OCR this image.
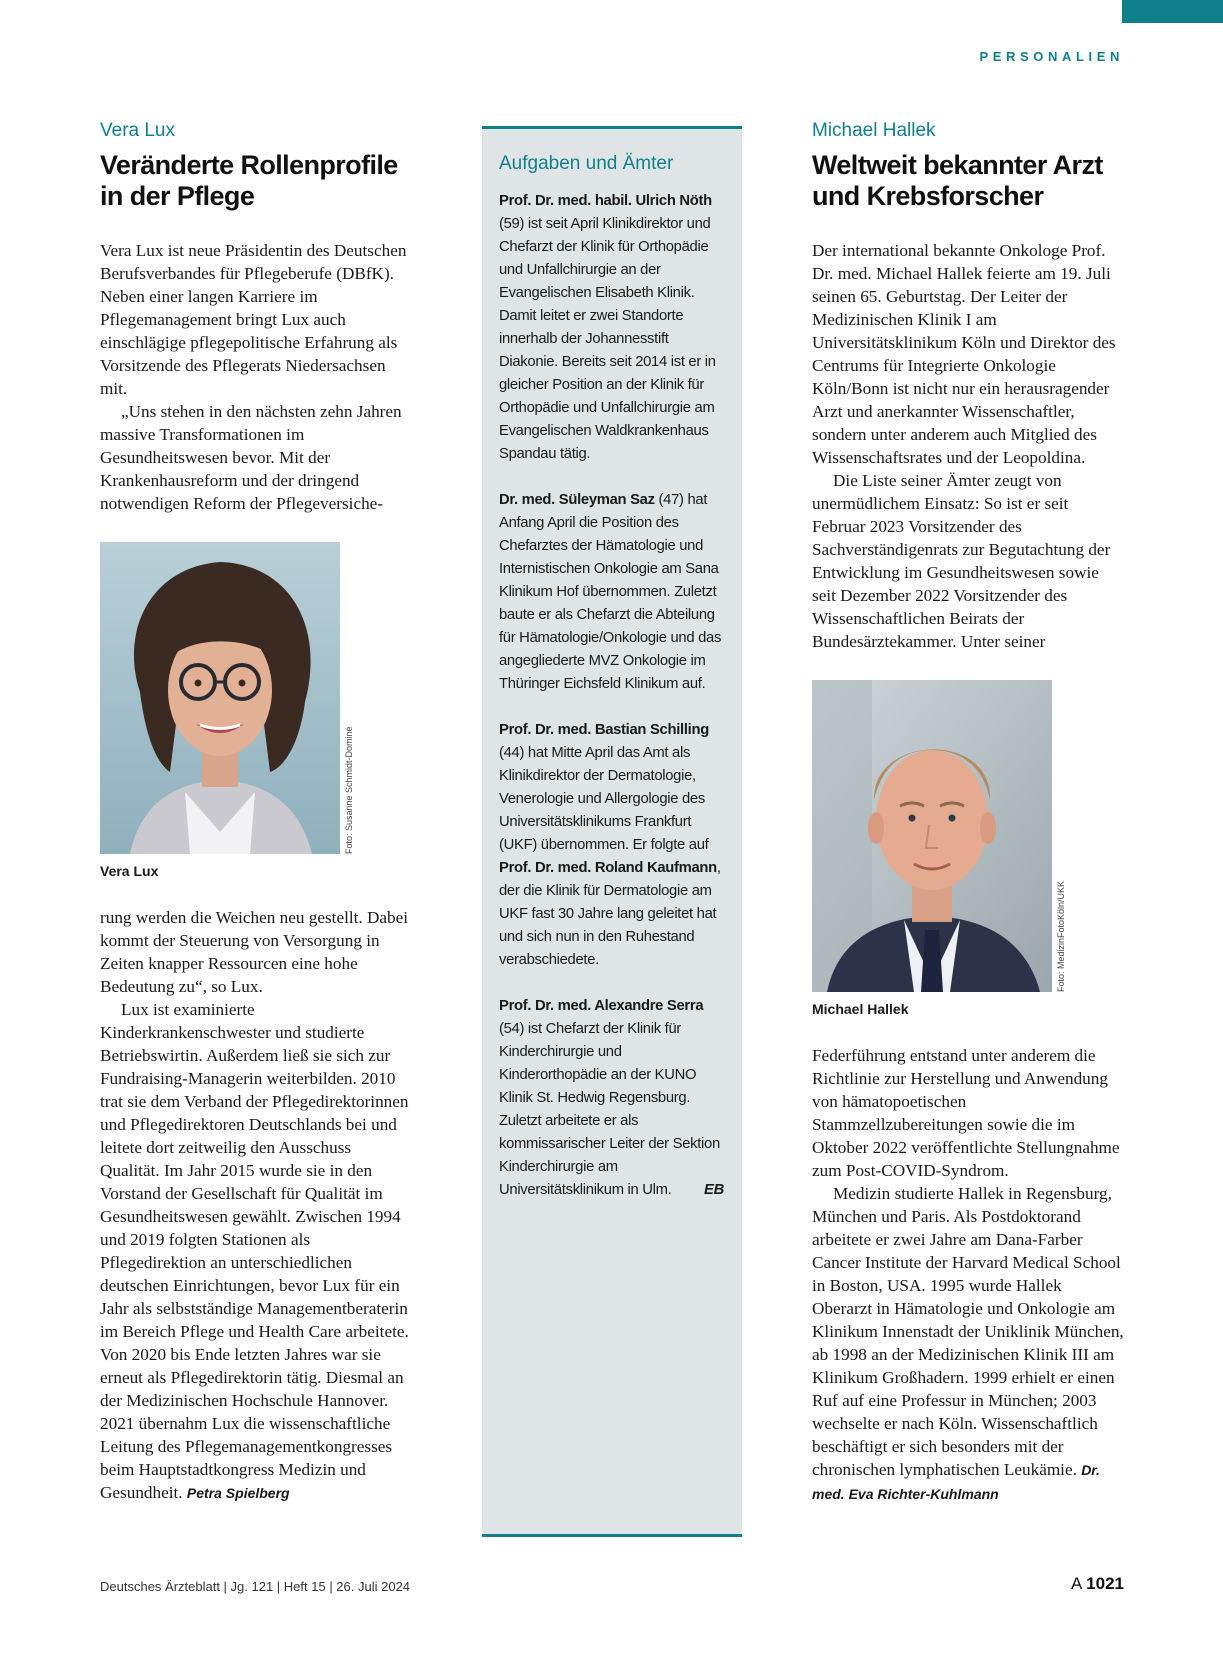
PERSONALIEN
Vera Lux
Veränderte Rollenprofile
in der Pflege

Vera Lux ist neue Präsidentin des Deutschen Berufsverbandes für Pflegeberufe (DBfK). Neben einer langen Karriere im Pflegemanagement bringt Lux auch einschlägige pflegepolitische Erfahrung als Vorsitzende des Pflegerats Niedersachsen mit.

„Uns stehen in den nächsten zehn Jahren massive Transformationen im Gesundheitswesen bevor. Mit der Krankenhausreform und der dringend notwendigen Reform der Pflegeversiche-

Foto: Susanne Schmidt-Dominé
Vera Lux

rung werden die Weichen neu gestellt. Dabei kommt der Steuerung von Versorgung in Zeiten knapper Ressourcen eine hohe Bedeutung zu“, so Lux.

Lux ist examinierte Kinderkrankenschwester und studierte Betriebswirtin. Außerdem ließ sie sich zur Fundraising-Managerin weiterbilden. 2010 trat sie dem Verband der Pflegedirektorinnen und Pflegedirektoren Deutschlands bei und leitete dort zeitweilig den Ausschuss Qualität. Im Jahr 2015 wurde sie in den Vorstand der Gesellschaft für Qualität im Gesundheitswesen gewählt. Zwischen 1994 und 2019 folgten Stationen als Pflegedirektion an unterschiedlichen deutschen Einrichtungen, bevor Lux für ein Jahr als selbstständige Managementberaterin im Bereich Pflege und Health Care arbeitete. Von 2020 bis Ende letzten Jahres war sie erneut als Pflegedirektorin tätig. Diesmal an der Medizinischen Hochschule Hannover. 2021 übernahm Lux die wissenschaftliche Leitung des Pflegemanagementkongresses beim Hauptstadtkongress Medizin und Gesundheit. Petra Spielberg

Aufgaben und Ämter

Prof. Dr. med. habil. Ulrich Nöth (59) ist seit April Klinikdirektor und Chefarzt der Klinik für Orthopädie und Unfallchirurgie an der Evangelischen Elisabeth Klinik. Damit leitet er zwei Standorte innerhalb der Johannesstift Diakonie. Bereits seit 2014 ist er in gleicher Position an der Klinik für Orthopädie und Unfallchirurgie am Evangelischen Waldkrankenhaus Spandau tätig.

Dr. med. Süleyman Saz (47) hat Anfang April die Position des Chefarztes der Hämatologie und Internistischen Onkologie am Sana Klinikum Hof übernommen. Zuletzt baute er als Chefarzt die Abteilung für Hämatologie/Onkologie und das angegliederte MVZ Onkologie im Thüringer Eichsfeld Klinikum auf.

Prof. Dr. med. Bastian Schilling (44) hat Mitte April das Amt als Klinikdirektor der Dermatologie, Venerologie und Allergologie des Universitätsklinikums Frankfurt (UKF) übernommen. Er folgte auf Prof. Dr. med. Roland Kaufmann, der die Klinik für Dermatologie am UKF fast 30 Jahre lang geleitet hat und sich nun in den Ruhestand verabschiedete.

Prof. Dr. med. Alexandre Serra (54) ist Chefarzt der Klinik für Kinderchirurgie und Kinderorthopädie an der KUNO Klinik St. Hedwig Regensburg. Zuletzt arbeitete er als kommissarischer Leiter der Sektion Kinderchirurgie am Universitätsklinikum in Ulm. EB

Michael Hallek
Weltweit bekannter Arzt
und Krebsforscher

Der international bekannte Onkologe Prof. Dr. med. Michael Hallek feierte am 19. Juli seinen 65. Geburtstag. Der Leiter der Medizinischen Klinik I am Universitätsklinikum Köln und Direktor des Centrums für Integrierte Onkologie Köln/Bonn ist nicht nur ein herausragender Arzt und anerkannter Wissenschaftler, sondern unter anderem auch Mitglied des Wissenschaftsrates und der Leopoldina.

Die Liste seiner Ämter zeugt von unermüdlichem Einsatz: So ist er seit Februar 2023 Vorsitzender des Sachverständigenrats zur Begutachtung der Entwicklung im Gesundheitswesen sowie seit Dezember 2022 Vorsitzender des Wissenschaftlichen Beirats der Bundesärztekammer. Unter seiner

Foto: MedizinFotoKöln/UKK
Michael Hallek

Federführung entstand unter anderem die Richtlinie zur Herstellung und Anwendung von hämatopoetischen Stammzellzubereitungen sowie die im Oktober 2022 veröffentlichte Stellungnahme zum Post-COVID-Syndrom.

Medizin studierte Hallek in Regensburg, München und Paris. Als Postdoktorand arbeitete er zwei Jahre am Dana-Farber Cancer Institute der Harvard Medical School in Boston, USA. 1995 wurde Hallek Oberarzt in Hämatologie und Onkologie am Klinikum Innenstadt der Uniklinik München, ab 1998 an der Medizinischen Klinik III am Klinikum Großhadern. 1999 erhielt er einen Ruf auf eine Professur in München; 2003 wechselte er nach Köln. Wissenschaftlich beschäftigt er sich besonders mit der chronischen lymphatischen Leukämie. Dr. med. Eva Richter-Kuhlmann

Deutsches Ärzteblatt | Jg. 121 | Heft 15 | 26. Juli 2024	A 1021
